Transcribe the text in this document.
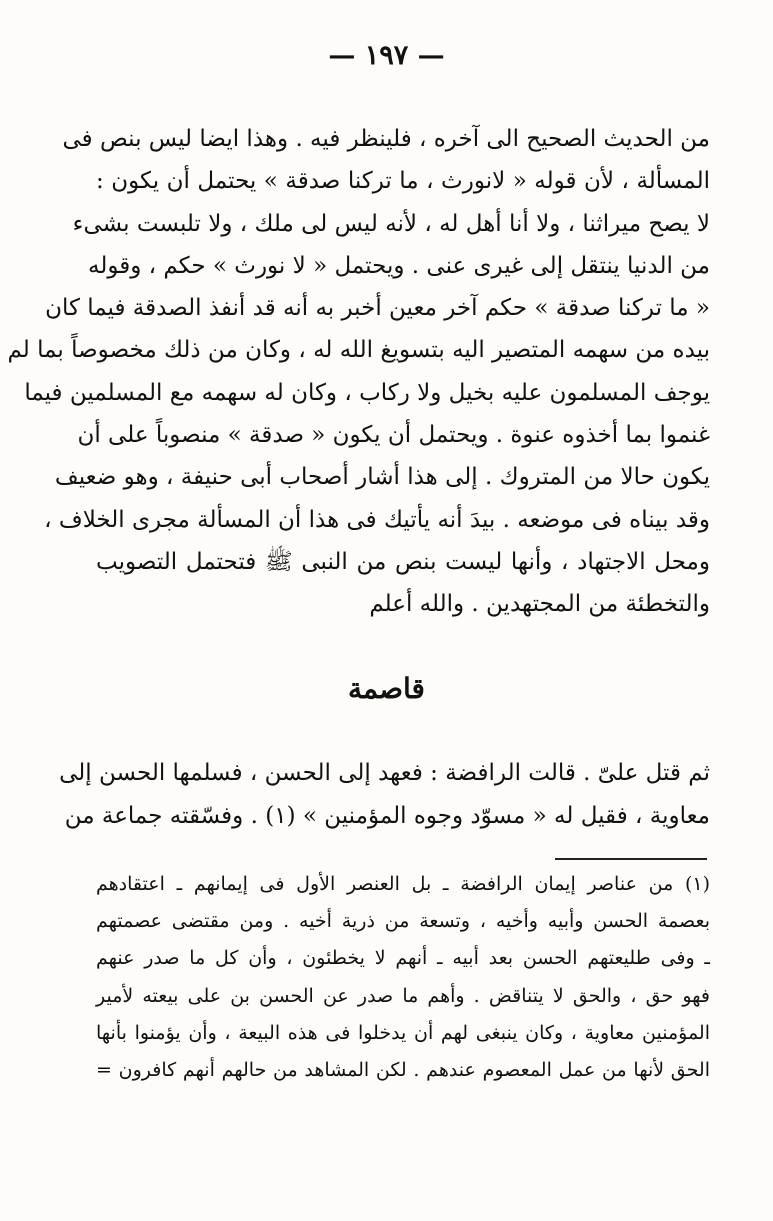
— ١٩٧ —
من الحديث الصحيح الى آخره ، فلينظر فيه . وهذا ايضا ليس بنص فى
المسألة ، لأن قوله « لانورث ، ما تركنا صدقة » يحتمل أن يكون :
لا يصح ميراثنا ، ولا أنا أهل له ، لأنه ليس لى ملك ، ولا تلبست بشىء
من الدنيا ينتقل إلى غيرى عنى . ويحتمل « لا نورث » حكم ، وقوله
« ما تركنا صدقة » حكم آخر معين أخبر به أنه قد أنفذ الصدقة فيما كان
بيده من سهمه المتصير اليه بتسويغ الله له ، وكان من ذلك مخصوصاً بما لم
يوجف المسلمون عليه بخيل ولا ركاب ، وكان له سهمه مع المسلمين فيما
غنموا بما أخذوه عنوة . ويحتمل أن يكون « صدقة » منصوباً على أن
يكون حالا من المتروك . إلى هذا أشار أصحاب أبى حنيفة ، وهو ضعيف
وقد بيناه فى موضعه . بيدَ أنه يأتيك فى هذا أن المسألة مجرى الخلاف ،
ومحل الاجتهاد ، وأنها ليست بنص من النبى ﷺ فتحتمل التصويب
والتخطئة من المجتهدين . والله أعلم
قاصمة
ثم قتل علىّ . قالت الرافضة : فعهد إلى الحسن ، فسلمها الحسن إلى
معاوية ، فقيل له « مسوّد وجوه المؤمنين » (١) . وفسّقته جماعة من
(١) من عناصر إيمان الرافضة ـ بل العنصر الأول فى إيمانهم ـ اعتقادهم
بعصمة الحسن وأبيه وأخيه ، وتسعة من ذرية أخيه . ومن مقتضى عصمتهم
ـ وفى طليعتهم الحسن بعد أبيه ـ أنهم لا يخطئون ، وأن كل ما صدر عنهم
فهو حق ، والحق لا يتناقض . وأهم ما صدر عن الحسن بن على بيعته لأمير
المؤمنين معاوية ، وكان ينبغى لهم أن يدخلوا فى هذه البيعة ، وأن يؤمنوا بأنها
الحق لأنها من عمل المعصوم عندهم . لكن المشاهد من حالهم أنهم كافرون =
